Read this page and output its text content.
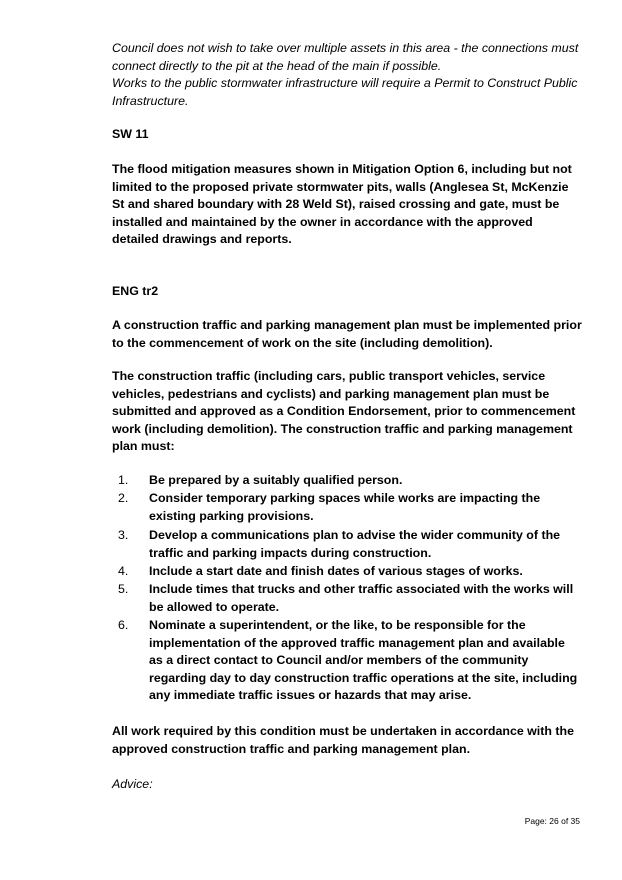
Council does not wish to take over multiple assets in this area - the connections must connect directly to the pit at the head of the main if possible.
Works to the public stormwater infrastructure will require a Permit to Construct Public Infrastructure.

SW 11

The flood mitigation measures shown in Mitigation Option 6, including but not limited to the proposed private stormwater pits, walls (Anglesea St, McKenzie St and shared boundary with 28 Weld St), raised crossing and gate, must be installed and maintained by the owner in accordance with the approved detailed drawings and reports.

ENG tr2

A construction traffic and parking management plan must be implemented prior to the commencement of work on the site (including demolition).

The construction traffic (including cars, public transport vehicles, service vehicles, pedestrians and cyclists) and parking management plan must be submitted and approved as a Condition Endorsement, prior to commencement work (including demolition). The construction traffic and parking management plan must:

1. Be prepared by a suitably qualified person.
2. Consider temporary parking spaces while works are impacting the existing parking provisions.
3. Develop a communications plan to advise the wider community of the traffic and parking impacts during construction.
4. Include a start date and finish dates of various stages of works.
5. Include times that trucks and other traffic associated with the works will be allowed to operate.
6. Nominate a superintendent, or the like, to be responsible for the implementation of the approved traffic management plan and available as a direct contact to Council and/or members of the community regarding day to day construction traffic operations at the site, including any immediate traffic issues or hazards that may arise.

All work required by this condition must be undertaken in accordance with the approved construction traffic and parking management plan.

Advice:

Page: 26 of 35
